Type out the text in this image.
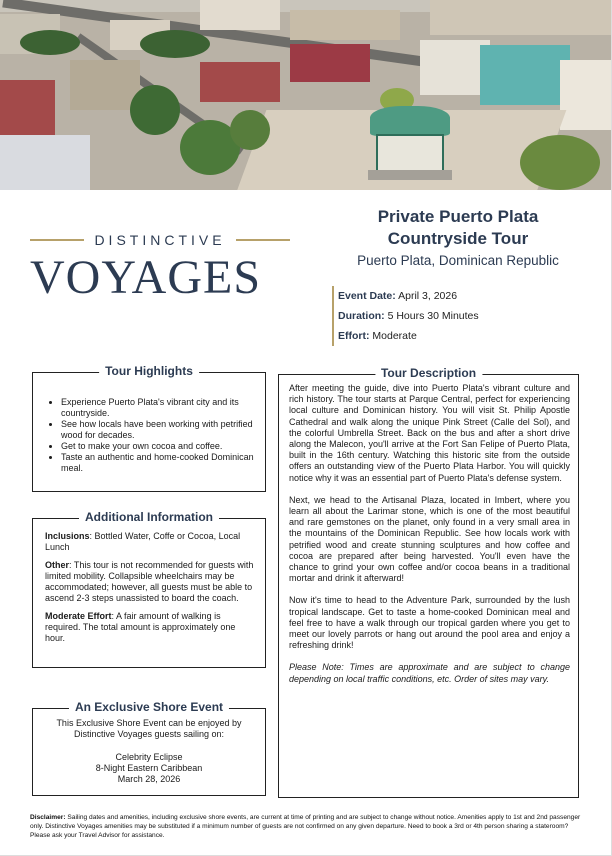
DISTINCTIVE
VOYAGES
Private Puerto Plata
Countryside Tour
Puerto Plata, Dominican Republic
Event Date: April 3, 2026
Duration: 5 Hours 30 Minutes
Effort: Moderate
Tour Highlights
• Experience Puerto Plata's vibrant city and its countryside.
• See how locals have been working with petrified wood for decades.
• Get to make your own cocoa and coffee.
• Taste an authentic and home-cooked Dominican meal.
Additional Information

Inclusions: Bottled Water, Coffe or Cocoa, Local Lunch

Other: This tour is not recommended for guests with limited mobility. Collapsible wheelchairs may be accommodated; however, all guests must be able to ascend 2-3 steps unassisted to board the coach.

Moderate Effort: A fair amount of walking is required. The total amount is approximately one hour.

An Exclusive Shore Event
This Exclusive Shore Event can be enjoyed by Distinctive Voyages guests sailing on:
Celebrity Eclipse
8-Night Eastern Caribbean
March 28, 2026
Tour Description

After meeting the guide, dive into Puerto Plata's vibrant culture and rich history. The tour starts at Parque Central, perfect for experiencing local culture and Dominican history. You will visit St. Philip Apostle Cathedral and walk along the unique Pink Street (Calle del Sol), and the colorful Umbrella Street. Back on the bus and after a short drive along the Malecon, you'll arrive at the Fort San Felipe of Puerto Plata, built in the 16th century. Watching this historic site from the outside offers an outstanding view of the Puerto Plata Harbor. You will quickly notice why it was an essential part of Puerto Plata's defense system.

Next, we head to the Artisanal Plaza, located in Imbert, where you learn all about the Larimar stone, which is one of the most beautiful and rare gemstones on the planet, only found in a very small area in the mountains of the Dominican Republic. See how locals work with petrified wood and create stunning sculptures and how coffee and cocoa are prepared after being harvested. You'll even have the chance to grind your own coffee and/or cocoa beans in a traditional mortar and drink it afterward!

Now it's time to head to the Adventure Park, surrounded by the lush tropical landscape. Get to taste a home-cooked Dominican meal and feel free to have a walk through our tropical garden where you get to meet our lovely parrots or hang out around the pool area and enjoy a refreshing drink!

Please Note: Times are approximate and are subject to change depending on local traffic conditions, etc. Order of sites may vary.

Disclaimer: Sailing dates and amenities, including exclusive shore events, are current at time of printing and are subject to change without notice. Amenities apply to 1st and 2nd passenger only. Distinctive Voyages amenities may be substituted if a minimum number of guests are not confirmed on any given departure. Need to book a 3rd or 4th person sharing a stateroom? Please ask your Travel Advisor for assistance.
